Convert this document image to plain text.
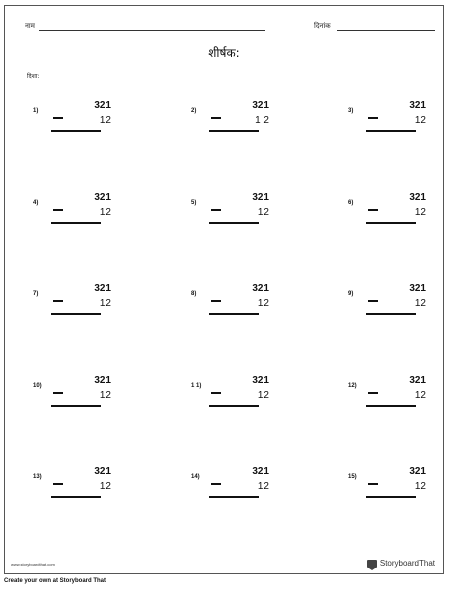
नाम	दिनांक
शीर्षक:
दिशा:
1)	321
12
2)	321
1 2
3)	321
12
4)	321
12
5)	321
12
6)	321
12
7)	321
12
8)	321
12
9)	321
12
10)	321
12
1 1)	321
12
12)	321
12
13)	321
12
14)	321
12
15)	321
12
www.storyboardthat.com	StoryboardThat
Create your own at Storyboard That
